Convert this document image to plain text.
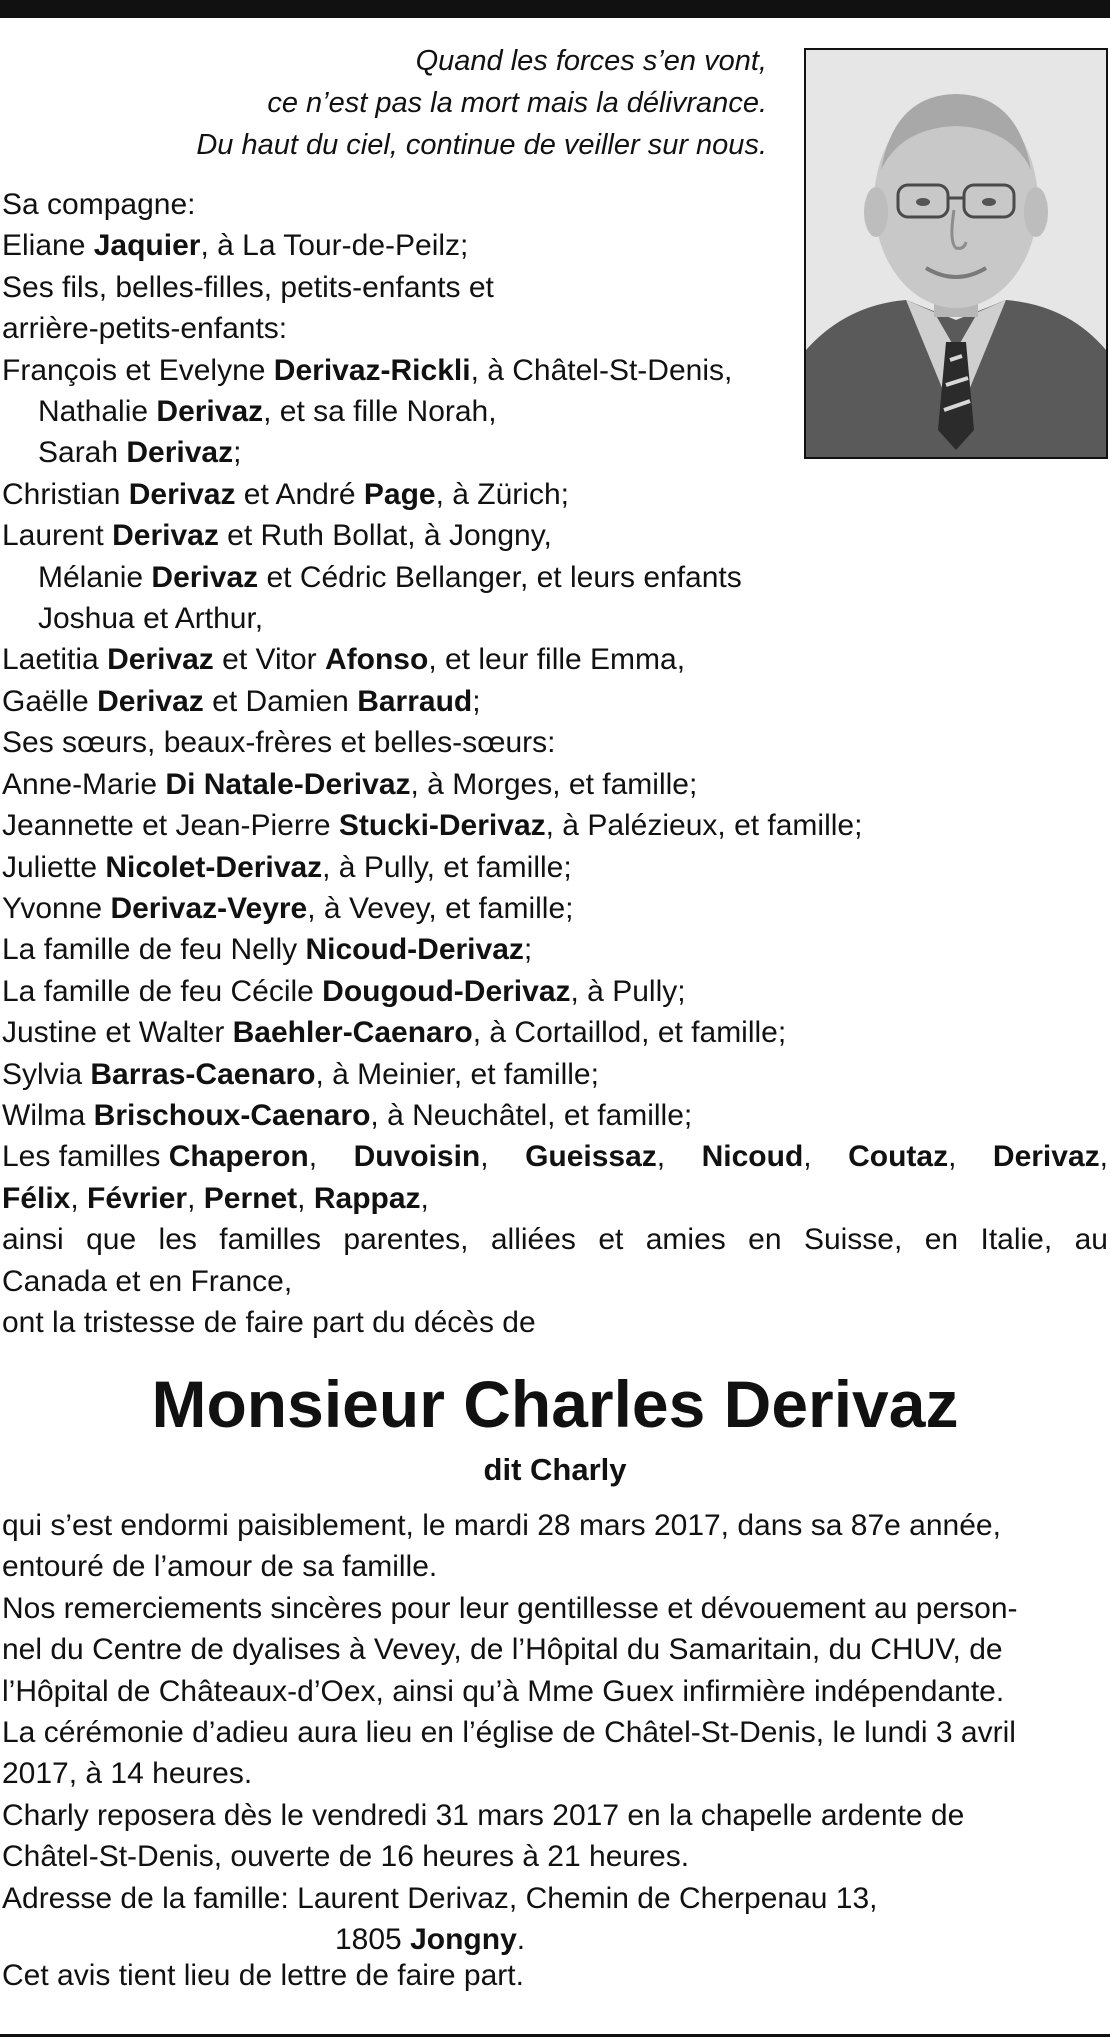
Quand les forces s’en vont,
ce n’est pas la mort mais la délivrance.
Du haut du ciel, continue de veiller sur nous.
Sa compagne:
Eliane Jaquier, à La Tour-de-Peilz;
Ses fils, belles-filles, petits-enfants et
arrière-petits-enfants:
François et Evelyne Derivaz-Rickli, à Châtel-St-Denis,
Nathalie Derivaz, et sa fille Norah,
Sarah Derivaz;
Christian Derivaz et André Page, à Zürich;
Laurent Derivaz et Ruth Bollat, à Jongny,
Mélanie Derivaz et Cédric Bellanger, et leurs enfants
Joshua et Arthur,
Laetitia Derivaz et Vitor Afonso, et leur fille Emma,
Gaëlle Derivaz et Damien Barraud;
Ses sœurs, beaux-frères et belles-sœurs:
Anne-Marie Di Natale-Derivaz, à Morges, et famille;
Jeannette et Jean-Pierre Stucki-Derivaz, à Palézieux, et famille;
Juliette Nicolet-Derivaz, à Pully, et famille;
Yvonne Derivaz-Veyre, à Vevey, et famille;
La famille de feu Nelly Nicoud-Derivaz;
La famille de feu Cécile Dougoud-Derivaz, à Pully;
Justine et Walter Baehler-Caenaro, à Cortaillod, et famille;
Sylvia Barras-Caenaro, à Meinier, et famille;
Wilma Brischoux-Caenaro, à Neuchâtel, et famille;
Les familles Chaperon, Duvoisin, Gueissaz, Nicoud, Coutaz, Derivaz,
Félix, Février, Pernet, Rappaz,
ainsi que les familles parentes, alliées et amies en Suisse, en Italie, au
Canada et en France,
ont la tristesse de faire part du décès de
Monsieur Charles Derivaz
dit Charly
qui s’est endormi paisiblement, le mardi 28 mars 2017, dans sa 87e année,
entouré de l’amour de sa famille.
Nos remerciements sincères pour leur gentillesse et dévouement au person-
nel du Centre de dyalises à Vevey, de l’Hôpital du Samaritain, du CHUV, de
l’Hôpital de Châteaux-d’Oex, ainsi qu’à Mme Guex infirmière indépendante.
La cérémonie d’adieu aura lieu en l’église de Châtel-St-Denis, le lundi 3 avril
2017, à 14 heures.
Charly reposera dès le vendredi 31 mars 2017 en la chapelle ardente de
Châtel-St-Denis, ouverte de 16 heures à 21 heures.
Adresse de la famille: Laurent Derivaz, Chemin de Cherpenau 13,
1805 Jongny.
Cet avis tient lieu de lettre de faire part.
